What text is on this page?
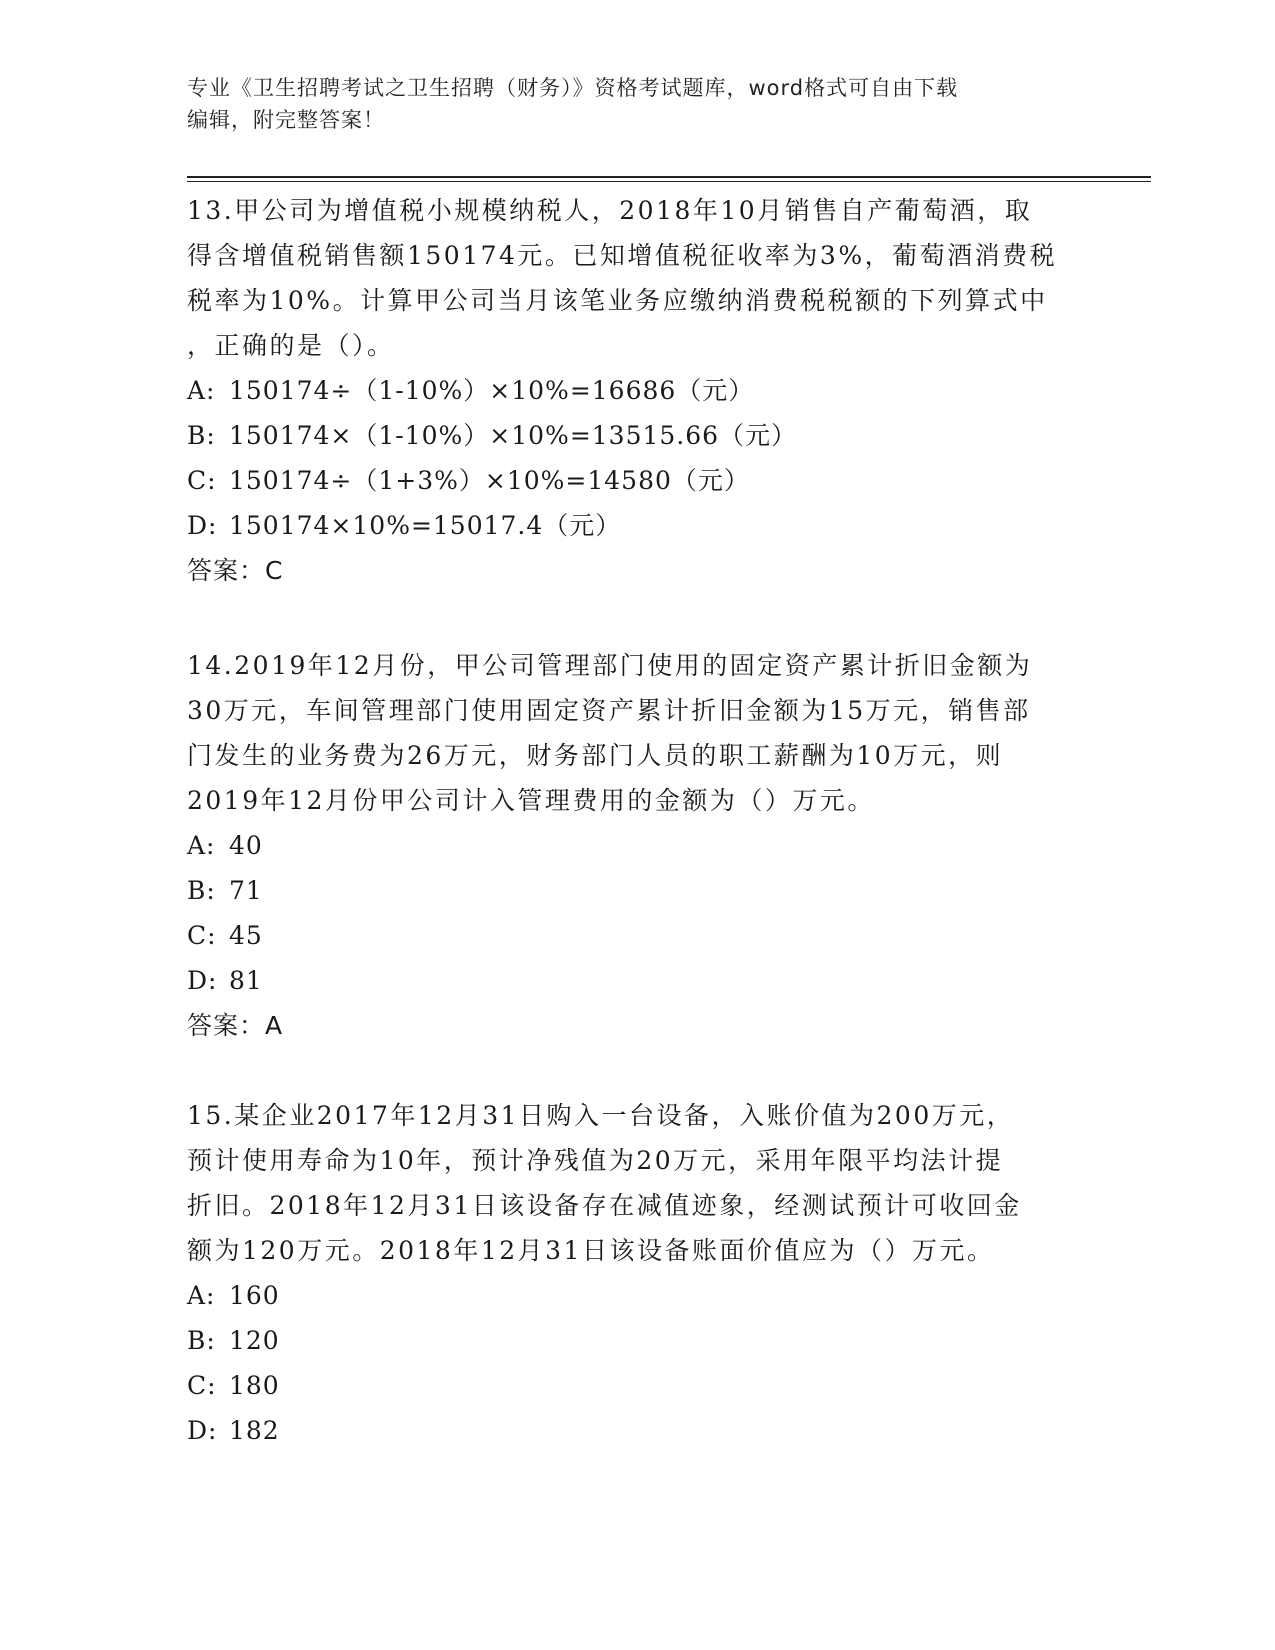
专业《卫生招聘考试之卫生招聘（财务）》资格考试题库，word格式可自由下载
编辑，附完整答案！
13.甲公司为增值税小规模纳税人，2018年10月销售自产葡萄酒，取
得含增值税销售额150174元。已知增值税征收率为3%，葡萄酒消费税
税率为10%。计算甲公司当月该笔业务应缴纳消费税税额的下列算式中
，正确的是（）。
A: 150174÷（1-10%）×10%=16686（元）
B: 150174×（1-10%）×10%=13515.66（元）
C: 150174÷（1+3%）×10%=14580（元）
D: 150174×10%=15017.4（元）
答案：C
14.2019年12月份，甲公司管理部门使用的固定资产累计折旧金额为
30万元，车间管理部门使用固定资产累计折旧金额为15万元，销售部
门发生的业务费为26万元，财务部门人员的职工薪酬为10万元，则
2019年12月份甲公司计入管理费用的金额为（）万元。
A: 40
B: 71
C: 45
D: 81
答案：A
15.某企业2017年12月31日购入一台设备，入账价值为200万元，
预计使用寿命为10年，预计净残值为20万元，采用年限平均法计提
折旧。2018年12月31日该设备存在减值迹象，经测试预计可收回金
额为120万元。2018年12月31日该设备账面价值应为（）万元。
A: 160
B: 120
C: 180
D: 182
